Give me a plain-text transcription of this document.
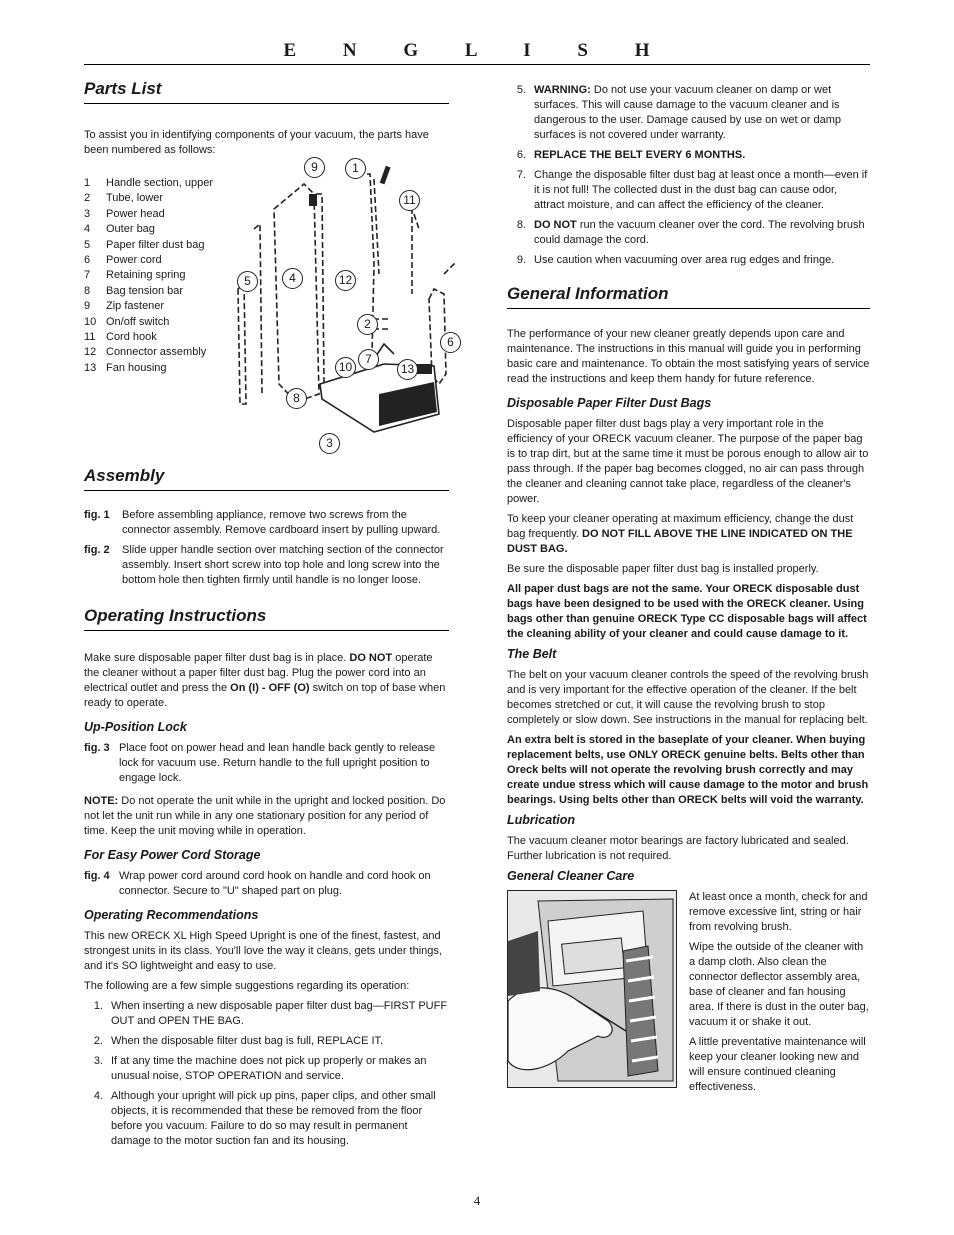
E N G L I S H
Parts List

To assist you in identifying components of your vacuum, the parts have been numbered as follows:

1	Handle section, upper
2	Tube, lower
3	Power head
4	Outer bag
5	Paper filter dust bag
6	Power cord
7	Retaining spring
8	Bag tension bar
9	Zip fastener
10 On/off switch
11 Cord hook
12 Connector assembly
13 Fan housing
9	1
11
5	4	12
2
6
7
10	13
8
3
Assembly
fig. 1	Before assembling appliance, remove two screws from the connector assembly. Remove cardboard insert by pulling upward.
fig. 2	Slide upper handle section over matching section of the connector assembly. Insert short screw into top hole and long screw into the bottom hole then tighten firmly until handle is no longer loose.
Operating Instructions

Make sure disposable paper filter dust bag is in place. DO NOT operate the cleaner without a paper filter dust bag. Plug the power cord into an electrical outlet and press the On (I) - OFF (O) switch on top of base when ready to operate.

Up-Position Lock
fig. 3 Place foot on power head and lean handle back gently to release lock for vacuum use. Return handle to the full upright position to engage lock.

NOTE: Do not operate the unit while in the upright and locked position. Do not let the unit run while in any one stationary position for any period of time. Keep the unit moving while in operation.

For Easy Power Cord Storage
fig. 4 Wrap power cord around cord hook on handle and cord hook on connector. Secure to "U" shaped part on plug.
Operating Recommendations

This new ORECK XL High Speed Upright is one of the finest, fastest, and strongest units in its class. You'll love the way it cleans, gets under things, and it's SO lightweight and easy to use.

The following are a few simple suggestions regarding its operation:

1. When inserting a new disposable paper filter dust bag—FIRST PUFF OUT and OPEN THE BAG.
2. When the disposable filter dust bag is full, REPLACE IT.
3. If at any time the machine does not pick up properly or makes an unusual noise, STOP OPERATION and service.
4. Although your upright will pick up pins, paper clips, and other small objects, it is recommended that these be removed from the floor before you vacuum. Failure to do so may result in permanent damage to the motor suction fan and its housing.
5. WARNING: Do not use your vacuum cleaner on damp or wet surfaces. This will cause damage to the vacuum cleaner and is dangerous to the user. Damage caused by use on wet or damp surfaces is not covered under warranty.
6. REPLACE THE BELT EVERY 6 MONTHS.
7. Change the disposable filter dust bag at least once a month—even if it is not full! The collected dust in the dust bag can cause odor, attract moisture, and can affect the efficiency of the cleaner.
8. DO NOT run the vacuum cleaner over the cord. The revolving brush could damage the cord.
9. Use caution when vacuuming over area rug edges and fringe.
General Information

The performance of your new cleaner greatly depends upon care and maintenance. The instructions in this manual will guide you in performing basic care and maintenance. To obtain the most satisfying years of service read the instructions and keep them handy for future reference.

Disposable Paper Filter Dust Bags

Disposable paper filter dust bags play a very important role in the efficiency of your ORECK vacuum cleaner. The purpose of the paper bag is to trap dirt, but at the same time it must be porous enough to allow air to pass through. If the paper bag becomes clogged, no air can pass through the cleaner and cleaning cannot take place, regardless of the cleaner's power.

To keep your cleaner operating at maximum efficiency, change the dust bag frequently. DO NOT FILL ABOVE THE LINE INDICATED ON THE DUST BAG.

Be sure the disposable paper filter dust bag is installed properly.

All paper dust bags are not the same. Your ORECK disposable dust bags have been designed to be used with the ORECK cleaner. Using bags other than genuine ORECK Type CC disposable bags will affect the cleaning ability of your cleaner and could cause damage to it.

The Belt

The belt on your vacuum cleaner controls the speed of the revolving brush and is very important for the effective operation of the cleaner. If the belt becomes stretched or cut, it will cause the revolving brush to stop completely or slow down. See instructions in the manual for replacing belt.

An extra belt is stored in the baseplate of your cleaner. When buying replacement belts, use ONLY ORECK genuine belts. Belts other than Oreck belts will not operate the revolving brush correctly and may create undue stress which will cause damage to the motor and brush bearings. Using belts other than ORECK belts will void the warranty.

Lubrication

The vacuum cleaner motor bearings are factory lubricated and sealed. Further lubrication is not required.

General Cleaner Care

At least once a month, check for and remove excessive lint, string or hair from revolving brush.

Wipe the outside of the cleaner with a damp cloth. Also clean the connector deflector assembly area, base of cleaner and fan housing area. If there is dust in the outer bag, vacuum it or shake it out.

A little preventative maintenance will keep your cleaner looking new and will ensure continued cleaning effectiveness.

4
